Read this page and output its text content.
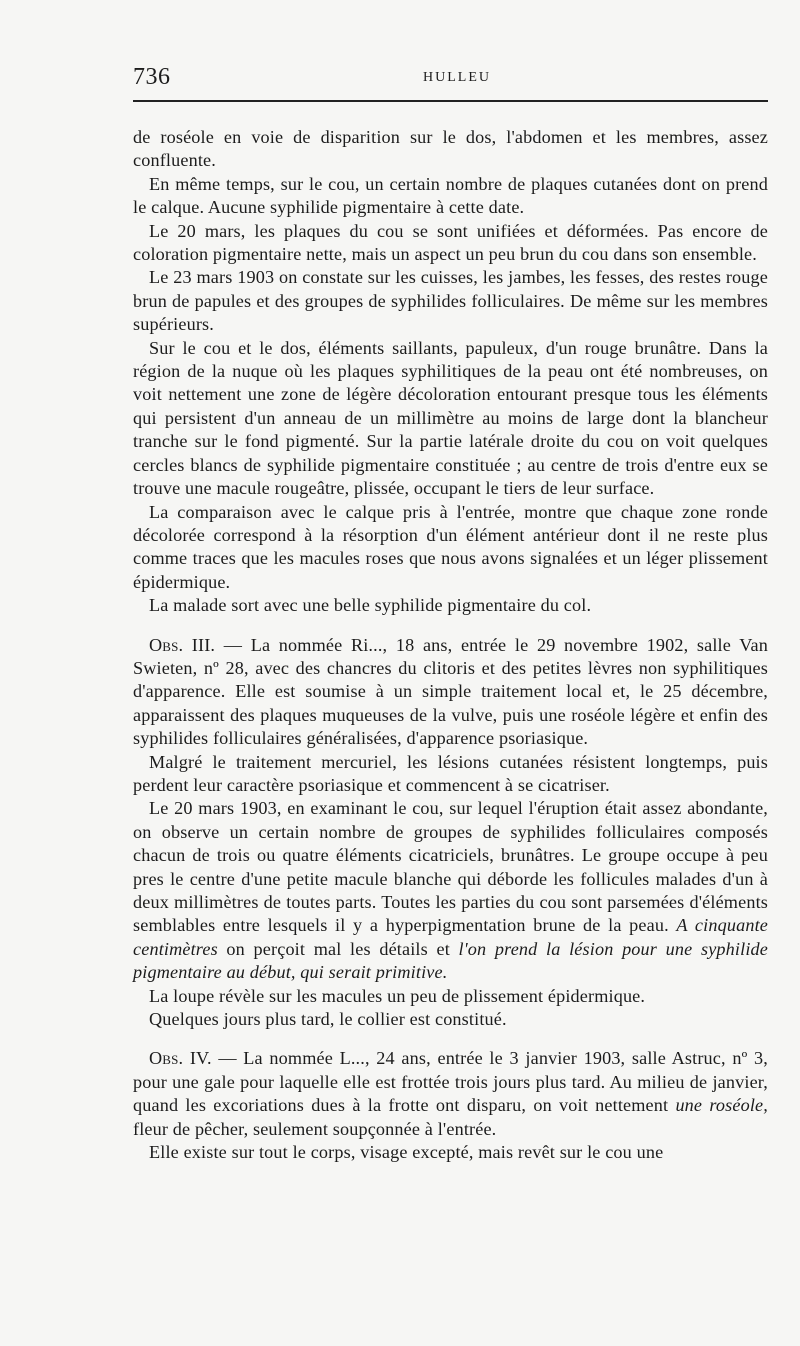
736	HULLEU

de roséole en voie de disparition sur le dos, l'abdomen et les membres, assez confluente.

En même temps, sur le cou, un certain nombre de plaques cutanées dont on prend le calque. Aucune syphilide pigmentaire à cette date.

Le 20 mars, les plaques du cou se sont unifiées et déformées. Pas encore de coloration pigmentaire nette, mais un aspect un peu brun du cou dans son ensemble.

Le 23 mars 1903 on constate sur les cuisses, les jambes, les fesses, des restes rouge brun de papules et des groupes de syphilides folliculaires. De même sur les membres supérieurs.

Sur le cou et le dos, éléments saillants, papuleux, d'un rouge brunâtre. Dans la région de la nuque où les plaques syphilitiques de la peau ont été nombreuses, on voit nettement une zone de légère décoloration entourant presque tous les éléments qui persistent d'un anneau de un millimètre au moins de large dont la blancheur tranche sur le fond pigmenté. Sur la partie latérale droite du cou on voit quelques cercles blancs de syphilide pigmentaire constituée ; au centre de trois d'entre eux se trouve une macule rougeâtre, plissée, occupant le tiers de leur surface.

La comparaison avec le calque pris à l'entrée, montre que chaque zone ronde décolorée correspond à la résorption d'un élément antérieur dont il ne reste plus comme traces que les macules roses que nous avons signalées et un léger plissement épidermique.

La malade sort avec une belle syphilide pigmentaire du col.

Obs. III. — La nommée Ri..., 18 ans, entrée le 29 novembre 1902, salle Van Swieten, nº 28, avec des chancres du clitoris et des petites lèvres non syphilitiques d'apparence. Elle est soumise à un simple traitement local et, le 25 décembre, apparaissent des plaques muqueuses de la vulve, puis une roséole légère et enfin des syphilides folliculaires généralisées, d'apparence psoriasique.

Malgré le traitement mercuriel, les lésions cutanées résistent longtemps, puis perdent leur caractère psoriasique et commencent à se cicatriser.

Le 20 mars 1903, en examinant le cou, sur lequel l'éruption était assez abondante, on observe un certain nombre de groupes de syphilides folliculaires composés chacun de trois ou quatre éléments cicatriciels, brunâtres. Le groupe occupe à peu pres le centre d'une petite macule blanche qui déborde les follicules malades d'un à deux millimètres de toutes parts. Toutes les parties du cou sont parsemées d'éléments semblables entre lesquels il y a hyperpigmentation brune de la peau. A cinquante centimètres on perçoit mal les détails et l'on prend la lésion pour une syphilide pigmentaire au début, qui serait primitive.

La loupe révèle sur les macules un peu de plissement épidermique.

Quelques jours plus tard, le collier est constitué.

Obs. IV. — La nommée L..., 24 ans, entrée le 3 janvier 1903, salle Astruc, nº 3, pour une gale pour laquelle elle est frottée trois jours plus tard. Au milieu de janvier, quand les excoriations dues à la frotte ont disparu, on voit nettement une roséole, fleur de pêcher, seulement soupçonnée à l'entrée.

Elle existe sur tout le corps, visage excepté, mais revêt sur le cou une
